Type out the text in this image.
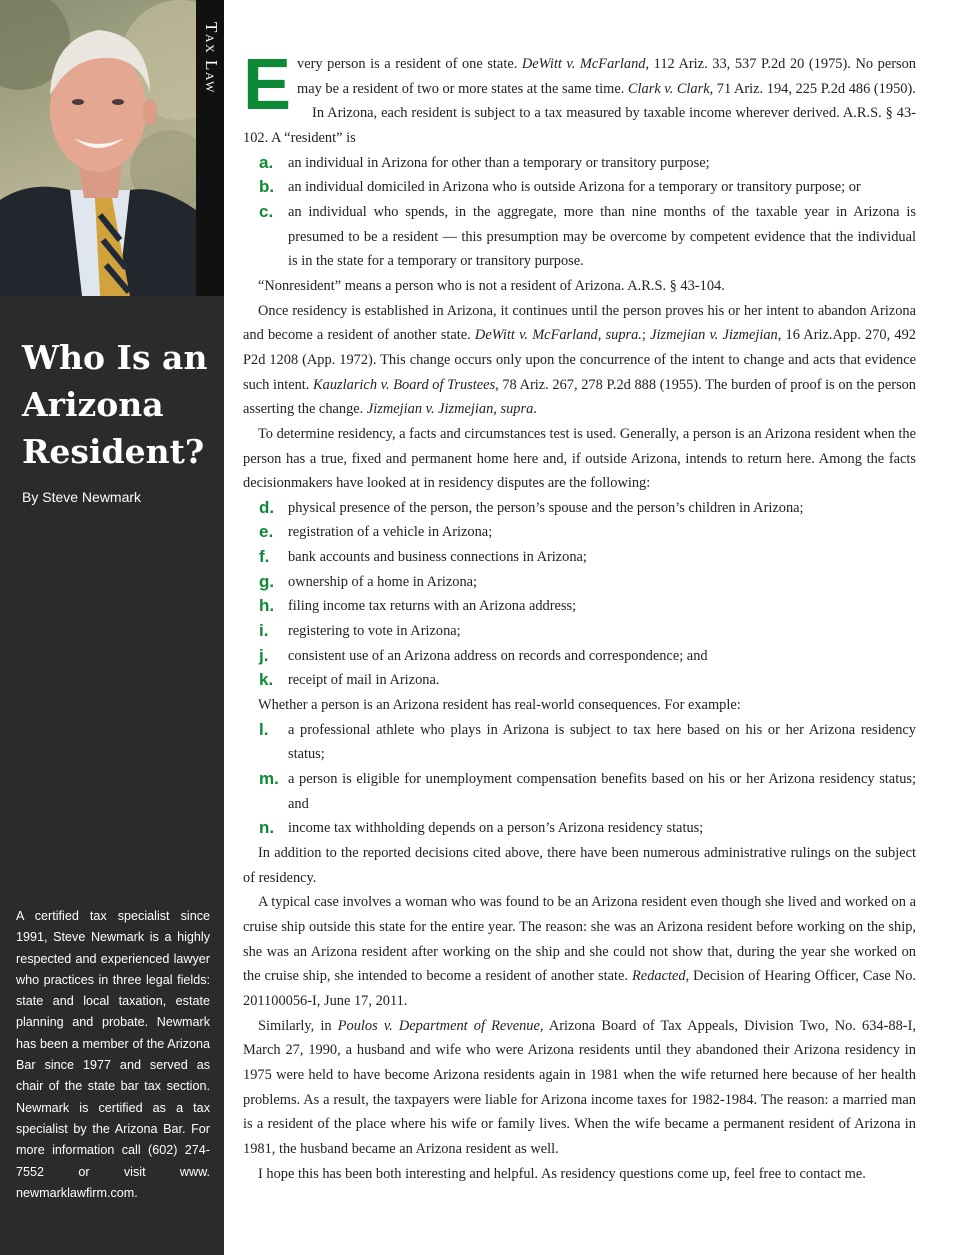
Tax Law
Who Is an
Arizona
Resident?
By Steve Newmark
A certified tax specialist since 1991, Steve Newmark is a highly respected and experienced lawyer who practices in three legal fields: state and local taxation, estate planning and probate. Newmark has been a member of the Arizona Bar since 1977 and served as chair of the state bar tax section. Newmark is certified as a tax specialist by the Arizona Bar. For more information call (602) 274-7552 or visit www. newmarklawfirm.com.

Every person is a resident of one state. DeWitt v. McFarland, 112 Ariz. 33, 537 P.2d 20 (1975). No person may be a resident of two or more states at the same time. Clark v. Clark, 71 Ariz. 194, 225 P.2d 486 (1950).

In Arizona, each resident is subject to a tax measured by taxable income wherever derived. A.R.S. § 43-102. A “resident” is

a. an individual in Arizona for other than a temporary or transitory purpose;
b. an individual domiciled in Arizona who is outside Arizona for a temporary or transitory purpose; or
c. an individual who spends, in the aggregate, more than nine months of the taxable year in Arizona is presumed to be a resident — this presumption may be overcome by competent evidence that the individual is in the state for a temporary or transitory purpose.

“Nonresident” means a person who is not a resident of Arizona. A.R.S. § 43-104.

Once residency is established in Arizona, it continues until the person proves his or her intent to abandon Arizona and become a resident of another state. DeWitt v. McFarland, supra.; Jizmejian v. Jizmejian, 16 Ariz.App. 270, 492 P2d 1208 (App. 1972). This change occurs only upon the concurrence of the intent to change and acts that evidence such intent. Kauzlarich v. Board of Trustees, 78 Ariz. 267, 278 P.2d 888 (1955). The burden of proof is on the person asserting the change. Jizmejian v. Jizmejian, supra.

To determine residency, a facts and circumstances test is used. Generally, a person is an Arizona resident when the person has a true, fixed and permanent home here and, if outside Arizona, intends to return here. Among the facts decisionmakers have looked at in residency disputes are the following:

d. physical presence of the person, the person’s spouse and the person’s children in Arizona;
e. registration of a vehicle in Arizona;
f. bank accounts and business connections in Arizona;
g. ownership of a home in Arizona;
h. filing income tax returns with an Arizona address;
i. registering to vote in Arizona;
j. consistent use of an Arizona address on records and correspondence; and
k. receipt of mail in Arizona.

Whether a person is an Arizona resident has real-world consequences. For example:

l. a professional athlete who plays in Arizona is subject to tax here based on his or her Arizona residency status;
m. a person is eligible for unemployment compensation benefits based on his or her Arizona residency status; and
n. income tax withholding depends on a person’s Arizona residency status;

In addition to the reported decisions cited above, there have been numerous administrative rulings on the subject of residency.

A typical case involves a woman who was found to be an Arizona resident even though she lived and worked on a cruise ship outside this state for the entire year. The reason: she was an Arizona resident before working on the ship, she was an Arizona resident after working on the ship and she could not show that, during the year she worked on the cruise ship, she intended to become a resident of another state. Redacted, Decision of Hearing Officer, Case No. 201100056-I, June 17, 2011.

Similarly, in Poulos v. Department of Revenue, Arizona Board of Tax Appeals, Division Two, No. 634-88-I, March 27, 1990, a husband and wife who were Arizona residents until they abandoned their Arizona residency in 1975 were held to have become Arizona residents again in 1981 when the wife returned here because of her health problems. As a result, the taxpayers were liable for Arizona income taxes for 1982-1984. The reason: a married man is a resident of the place where his wife or family lives. When the wife became a permanent resident of Arizona in 1981, the husband became an Arizona resident as well.

I hope this has been both interesting and helpful. As residency questions come up, feel free to contact me.
